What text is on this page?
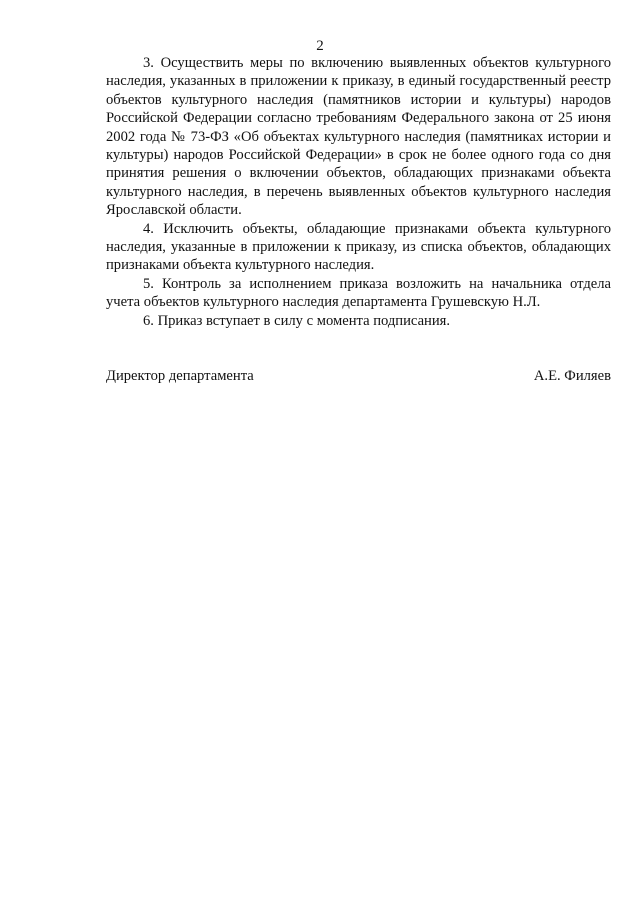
2

3. Осуществить меры по включению выявленных объектов культурного наследия, указанных в приложении к приказу, в единый государственный реестр объектов культурного наследия (памятников истории и культуры) народов Российской Федерации согласно требованиям Федерального закона от 25 июня 2002 года № 73-ФЗ «Об объектах культурного наследия (памятниках истории и культуры) народов Российской Федерации» в срок не более одного года со дня принятия решения о включении объектов, обладающих признаками объекта культурного наследия, в перечень выявленных объектов культурного наследия Ярославской области.

4. Исключить объекты, обладающие признаками объекта культурного наследия, указанные в приложении к приказу, из списка объектов, обладающих признаками объекта культурного наследия.

5. Контроль за исполнением приказа возложить на начальника отдела учета объектов культурного наследия департамента Грушевскую Н.Л.

6. Приказ вступает в силу с момента подписания.

Директор департамента	А.Е. Филяев
